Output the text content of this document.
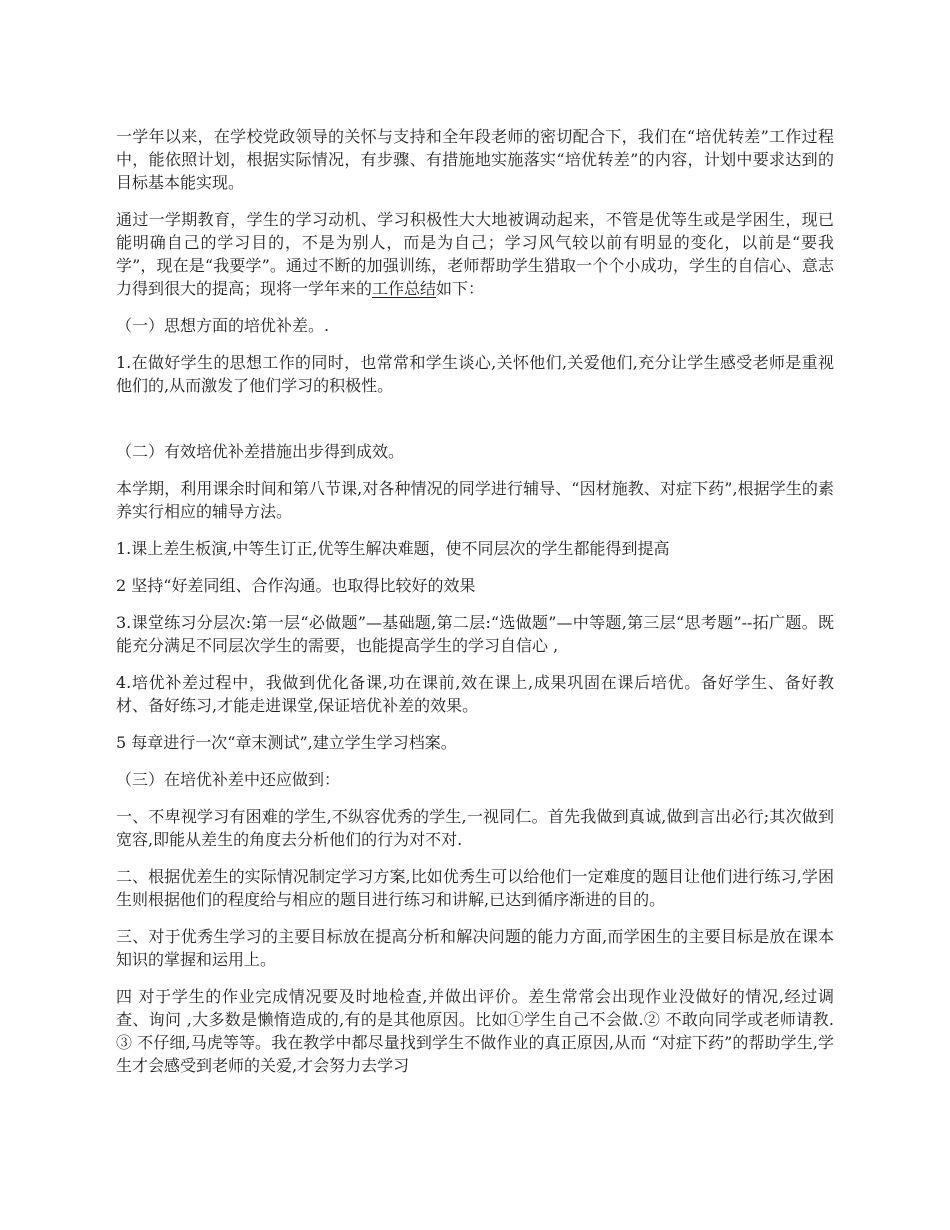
一学年以来，在学校党政领导的关怀与支持和全年段老师的密切配合下，我们在“培优转差”工作过程中，能依照计划，根据实际情况，有步骤、有措施地实施落实“培优转差”的内容，计划中要求达到的目标基本能实现。

通过一学期教育，学生的学习动机、学习积极性大大地被调动起来，不管是优等生或是学困生，现已能明确自己的学习目的，不是为别人，而是为自己；学习风气较以前有明显的变化，以前是“要我学”，现在是“我要学”。通过不断的加强训练，老师帮助学生猎取一个个小成功，学生的自信心、意志力得到很大的提高；现将一学年来的工作总结如下：

（一）思想方面的培优补差。.

1.在做好学生的思想工作的同时，也常常和学生谈心,关怀他们,关爱他们,充分让学生感受老师是重视他们的,从而激发了他们学习的积极性。

（二）有效培优补差措施出步得到成效。

本学期，利用课余时间和第八节课,对各种情况的同学进行辅导、“因材施教、对症下药”,根据学生的素养实行相应的辅导方法。

1.课上差生板演,中等生订正,优等生解决难题，使不同层次的学生都能得到提高

2 坚持“好差同组、合作沟通。也取得比较好的效果

3.课堂练习分层次:第一层“必做题”—基础题,第二层:“选做题”—中等题,第三层“思考题”--拓广题。既能充分满足不同层次学生的需要，也能提高学生的学习自信心 ,

4.培优补差过程中，我做到优化备课,功在课前,效在课上,成果巩固在课后培优。备好学生、备好教材、备好练习,才能走进课堂,保证培优补差的效果。

5 每章进行一次“章末测试”,建立学生学习档案。

（三）在培优补差中还应做到：

一、不卑视学习有困难的学生,不纵容优秀的学生,一视同仁。首先我做到真诚,做到言出必行;其次做到宽容,即能从差生的角度去分析他们的行为对不对.

二、根据优差生的实际情况制定学习方案,比如优秀生可以给他们一定难度的题目让他们进行练习,学困生则根据他们的程度给与相应的题目进行练习和讲解,已达到循序渐进的目的。

三、对于优秀生学习的主要目标放在提高分析和解决问题的能力方面,而学困生的主要目标是放在课本知识的掌握和运用上。

四 对于学生的作业完成情况要及时地检查,并做出评价。差生常常会出现作业没做好的情况,经过调查、询问 ,大多数是懒惰造成的,有的是其他原因。比如①学生自己不会做.② 不敢向同学或老师请教.③ 不仔细,马虎等等。我在教学中都尽量找到学生不做作业的真正原因,从而 “对症下药”的帮助学生,学生才会感受到老师的关爱,才会努力去学习
